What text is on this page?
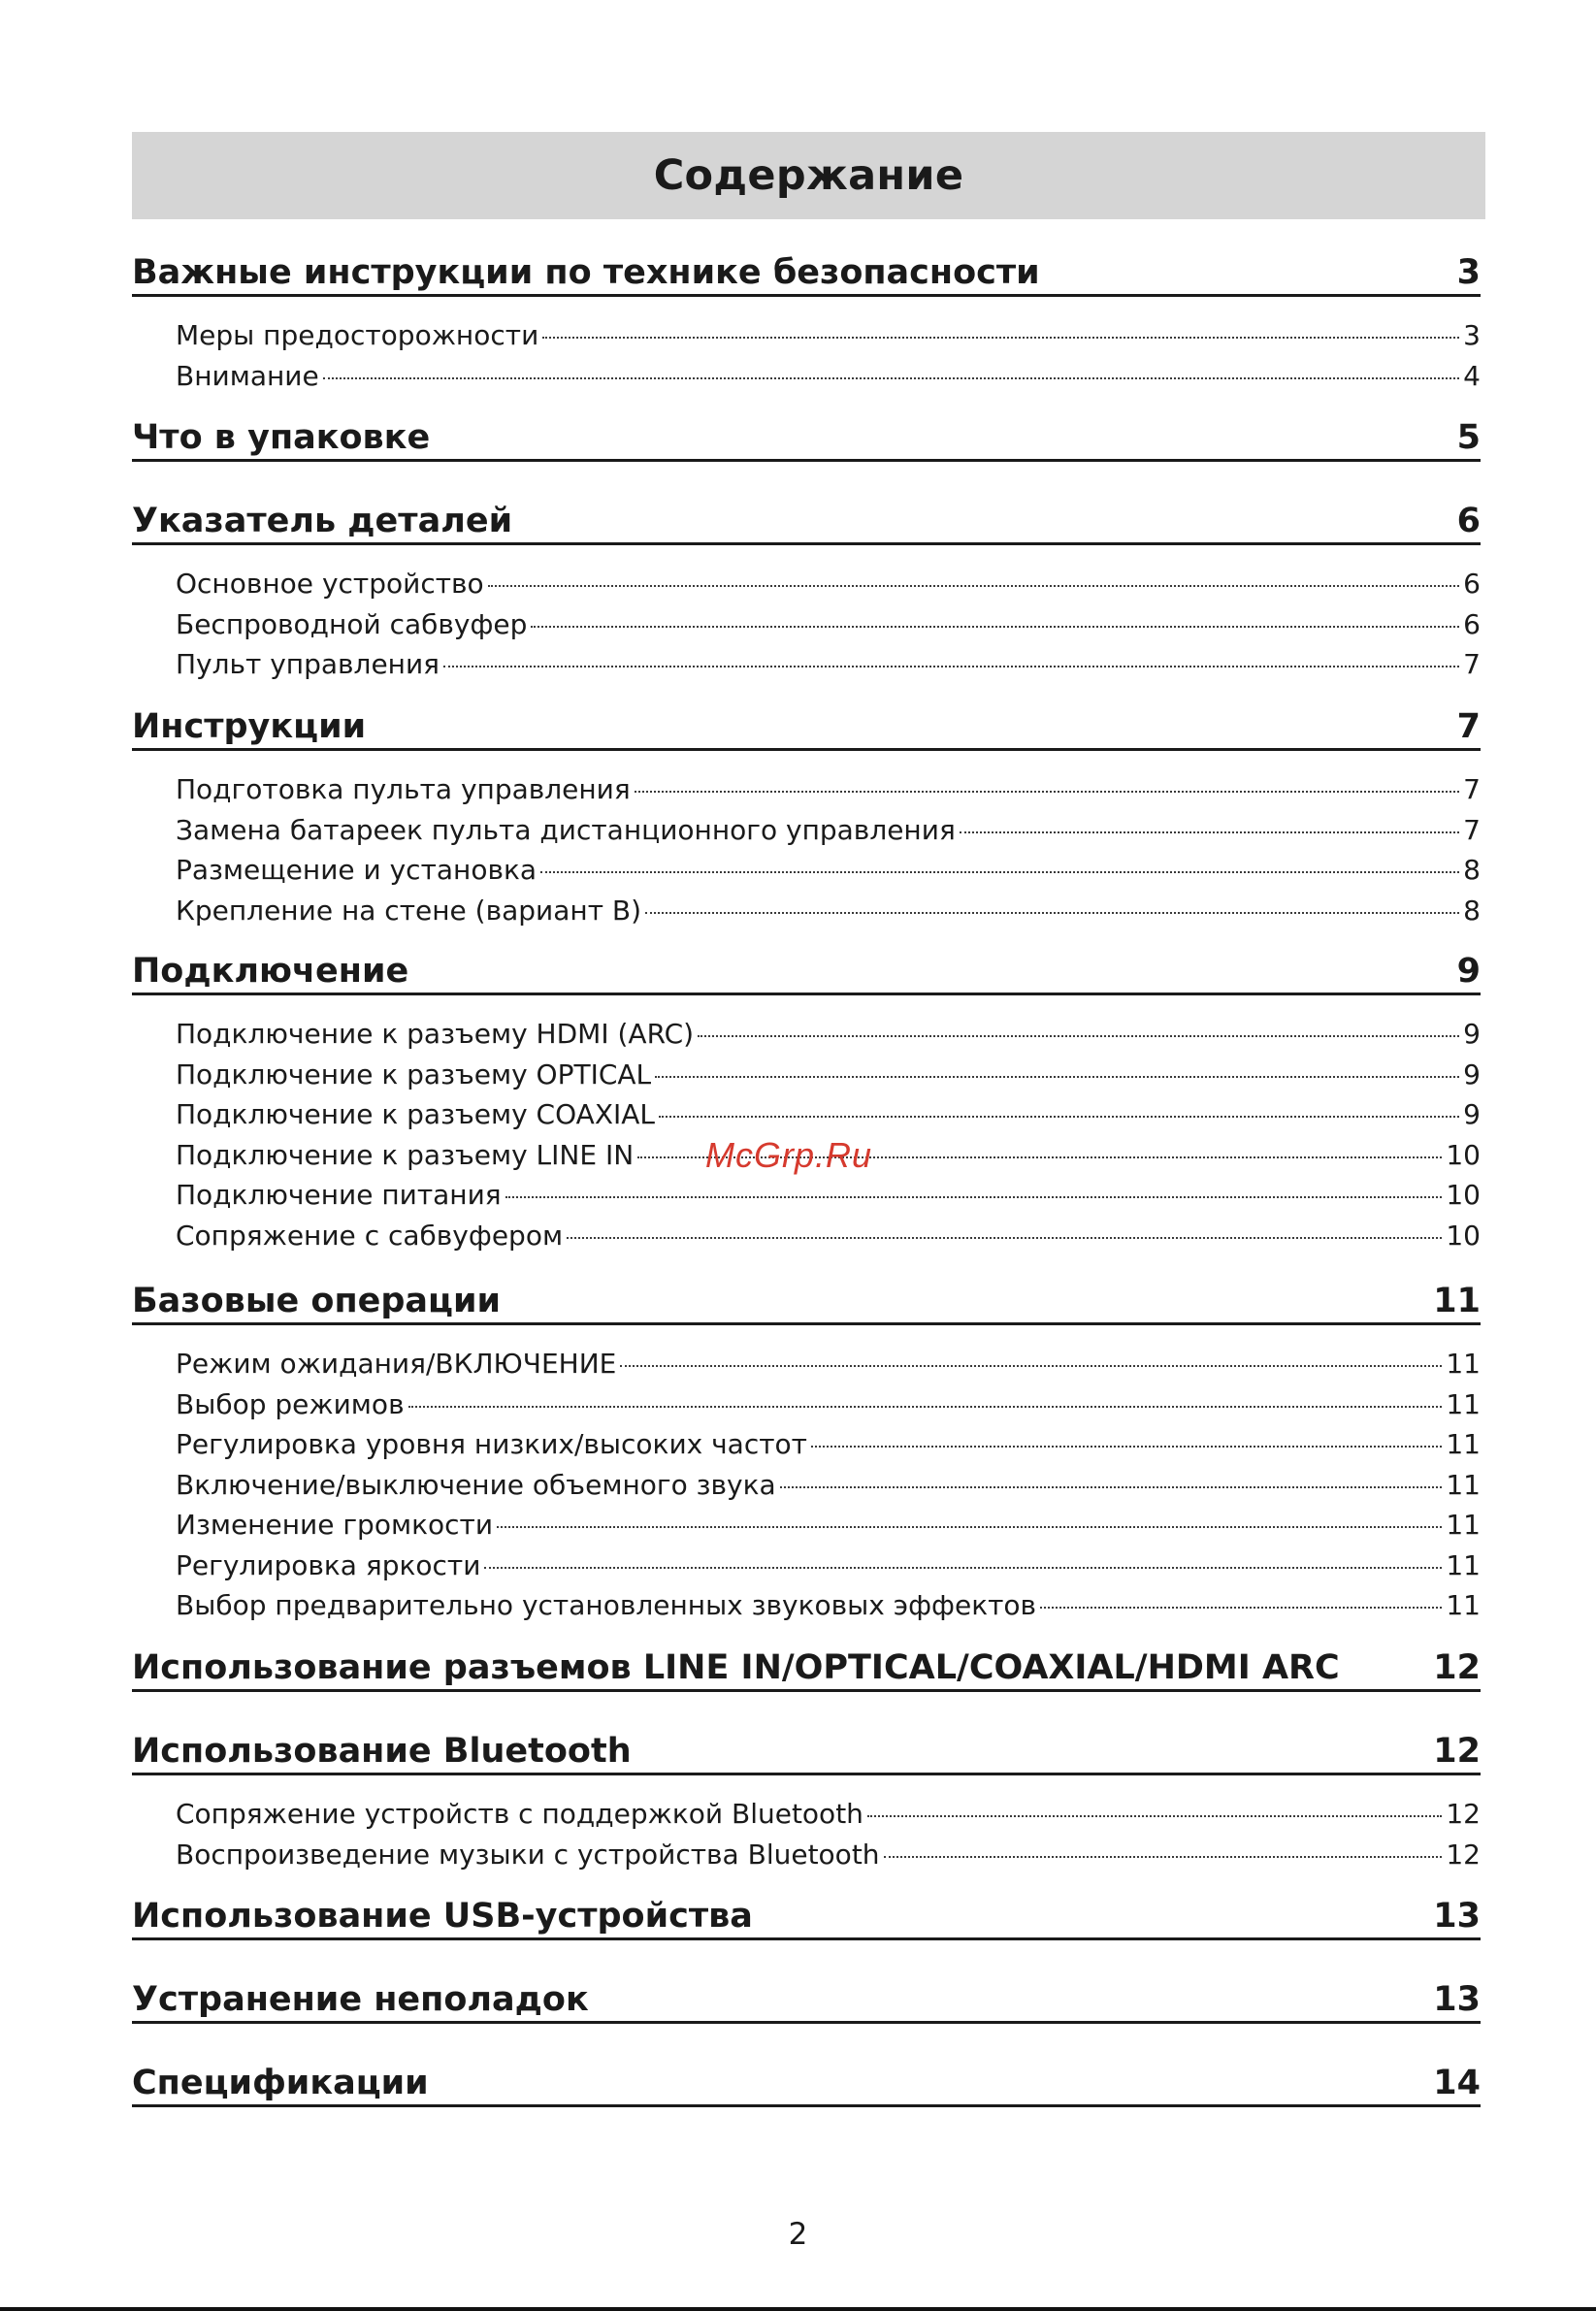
Содержание
Важные инструкции по технике безопасности	3
Меры предосторожности	3
Внимание	4
Что в упаковке	5
Указатель деталей	6
Основное устройство	6
Беспроводной сабвуфер	6
Пульт управления	7
Инструкции	7
Подготовка пульта управления	7
Замена батареек пульта дистанционного управления	7
Размещение и установка	8
Крепление на стене (вариант B)	8
Подключение	9
Подключение к разъему HDMI (ARC)	9
Подключение к разъему OPTICAL	9
Подключение к разъему COAXIAL	9
Подключение к разъему LINE IN	10
Подключение питания	10
Сопряжение с сабвуфером	10
Базовые операции	11
Режим ожидания/ВКЛЮЧЕНИЕ	11
Выбор режимов	11
Регулировка уровня низких/высоких частот	11
Включение/выключение объемного звука	11
Изменение громкости	11
Регулировка яркости	11
Выбор предварительно установленных звуковых эффектов	11
Использование разъемов LINE IN/OPTICAL/COAXIAL/HDMI ARC	12
Использование Bluetooth	12
Сопряжение устройств с поддержкой Bluetooth	12
Воспроизведение музыки с устройства Bluetooth	12
Использование USB-устройства	13
Устранение неполадок	13
Спецификации	14
McGrp.Ru
2
